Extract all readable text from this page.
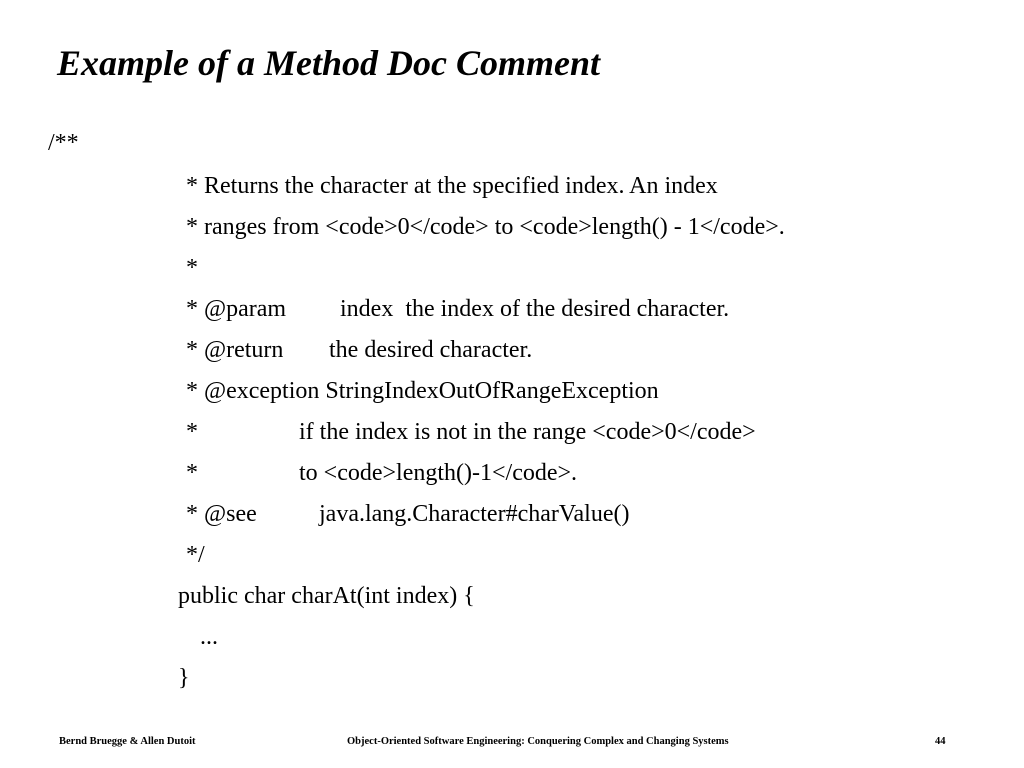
Example of a Method Doc Comment
/**
* Returns the character at the specified index. An index
* ranges from <code>0</code> to <code>length() - 1</code>.
*
* @param index  the index of the desired character.
* @return the desired character.
* @exception StringIndexOutOfRangeException
*	if the index is not in the range <code>0</code>
*	to <code>length()-1</code>.
* @see	java.lang.Character#charValue()
*/
public char charAt(int index) {
...
}
Bernd Bruegge & Allen Dutoit	Object-Oriented Software Engineering: Conquering Complex and Changing Systems	44
